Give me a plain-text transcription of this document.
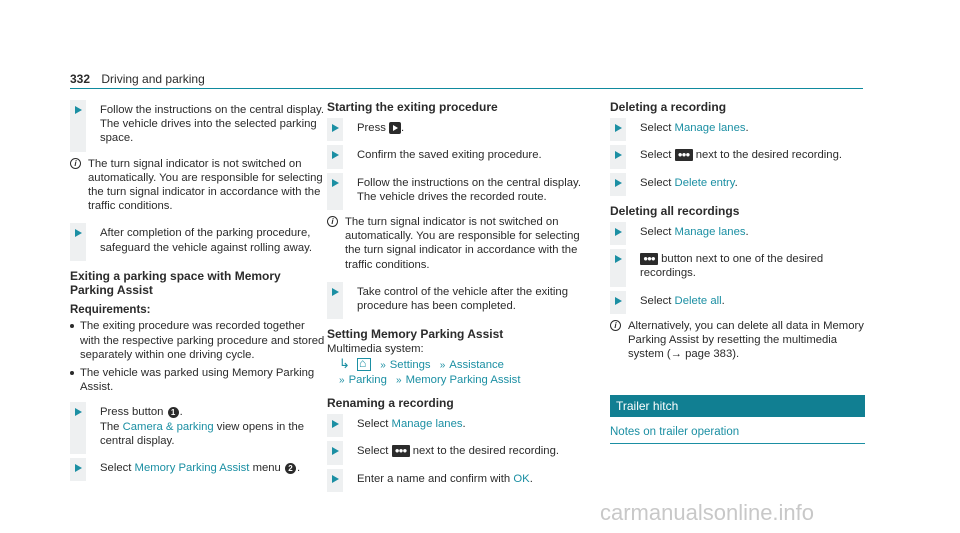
332 Driving and parking
Follow the instructions on the central display.
The vehicle drives into the selected parking space.
i	The turn signal indicator is not switched on automatically. You are responsible for selecting the turn signal indicator in accordance with the traffic conditions.
After completion of the parking procedure, safeguard the vehicle against rolling away.
Exiting a parking space with Memory Parking Assist
Requirements:
The exiting procedure was recorded together with the respective parking procedure and stored separately within one driving cycle.
The vehicle was parked using Memory Parking Assist.
Press button 1 .
The Camera & parking view opens in the central display.
Select Memory Parking Assist menu 2 .
Starting the exiting procedure
Press .
Confirm the saved exiting procedure.
Follow the instructions on the central display.
The vehicle drives the recorded route.
i	The turn signal indicator is not switched on automatically. You are responsible for selecting the turn signal indicator in accordance with the traffic conditions.
Take control of the vehicle after the exiting procedure has been completed.
Setting Memory Parking Assist
Multimedia system:
↳ ⌂	» Settings » Assistance
» Parking » Memory Parking Assist
Renaming a recording
Select Manage lanes.
Select ●●● next to the desired recording.
Enter a name and confirm with OK.
Deleting a recording
Select Manage lanes.
Select ●●● next to the desired recording.
Select Delete entry.
Deleting all recordings
Select Manage lanes.
●●● button next to one of the desired recordings.
Select Delete all.
i	Alternatively, you can delete all data in Memory Parking Assist by resetting the multimedia system (→ page 383).
Trailer hitch
Notes on trailer operation
carmanualsonline.info
